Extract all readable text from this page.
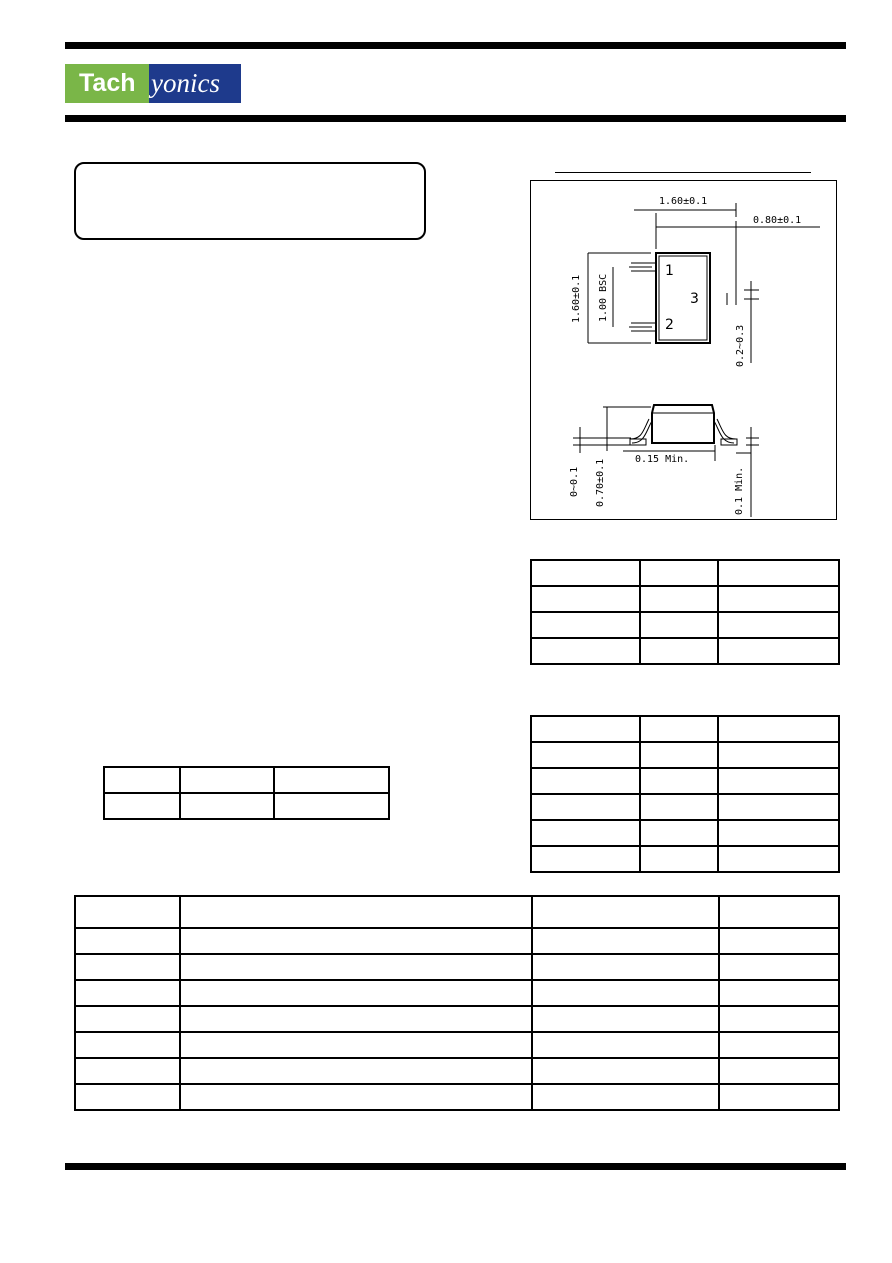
Tach y onics
1.60±0.1
0.80±0.1
1.60±0.1 1.00 BSC
0.2~0.3
1
2
3
0.70±0.1
0~0.1
0.15 Min.
0.1 Min.
